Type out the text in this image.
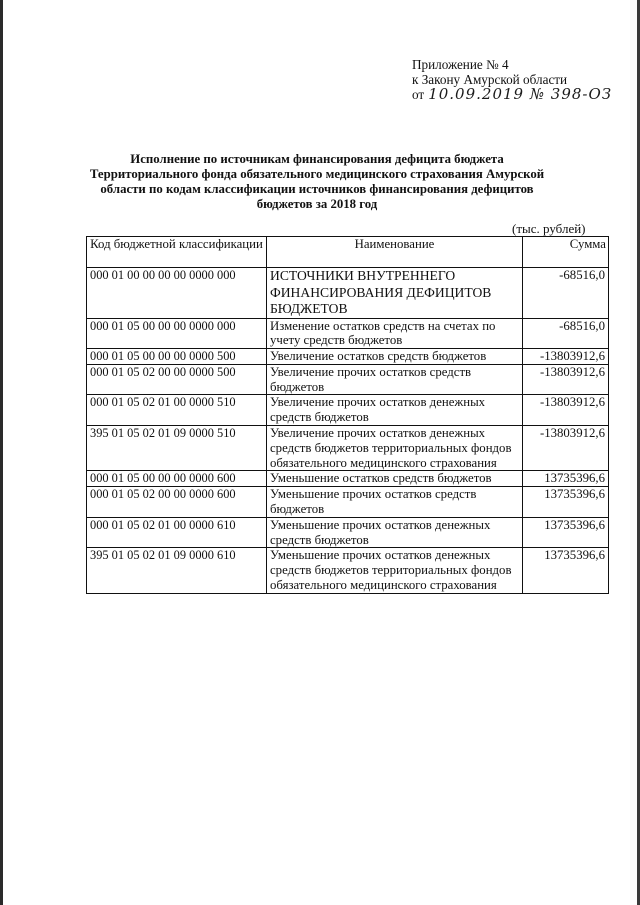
Приложение № 4
к Закону Амурской области
от 10.09.2019 № 398-ОЗ
Исполнение по источникам финансирования дефицита бюджета Территориального фонда обязательного медицинского страхования Амурской области по кодам классификации источников финансирования дефицитов бюджетов за 2018 год
(тыс. рублей)
Код бюджетной классификации	Наименование	Сумма
000 01 00 00 00 00 0000 000	ИСТОЧНИКИ ВНУТРЕННЕГО ФИНАНСИРОВАНИЯ ДЕФИЦИТОВ БЮДЖЕТОВ	-68516,0
000 01 05 00 00 00 0000 000	Изменение остатков средств на счетах по учету средств бюджетов	-68516,0
000 01 05 00 00 00 0000 500	Увеличение остатков средств бюджетов	-13803912,6
000 01 05 02 00 00 0000 500	Увеличение прочих остатков средств бюджетов	-13803912,6
000 01 05 02 01 00 0000 510	Увеличение прочих остатков денежных средств бюджетов	-13803912,6
395 01 05 02 01 09 0000 510	Увеличение прочих остатков денежных средств бюджетов территориальных фондов обязательного медицинского страхования	-13803912,6
000 01 05 00 00 00 0000 600	Уменьшение остатков средств бюджетов	13735396,6
000 01 05 02 00 00 0000 600	Уменьшение прочих остатков средств бюджетов	13735396,6
000 01 05 02 01 00 0000 610	Уменьшение прочих остатков денежных средств бюджетов	13735396,6
395 01 05 02 01 09 0000 610	Уменьшение прочих остатков денежных средств бюджетов территориальных фондов обязательного медицинского страхования	13735396,6
